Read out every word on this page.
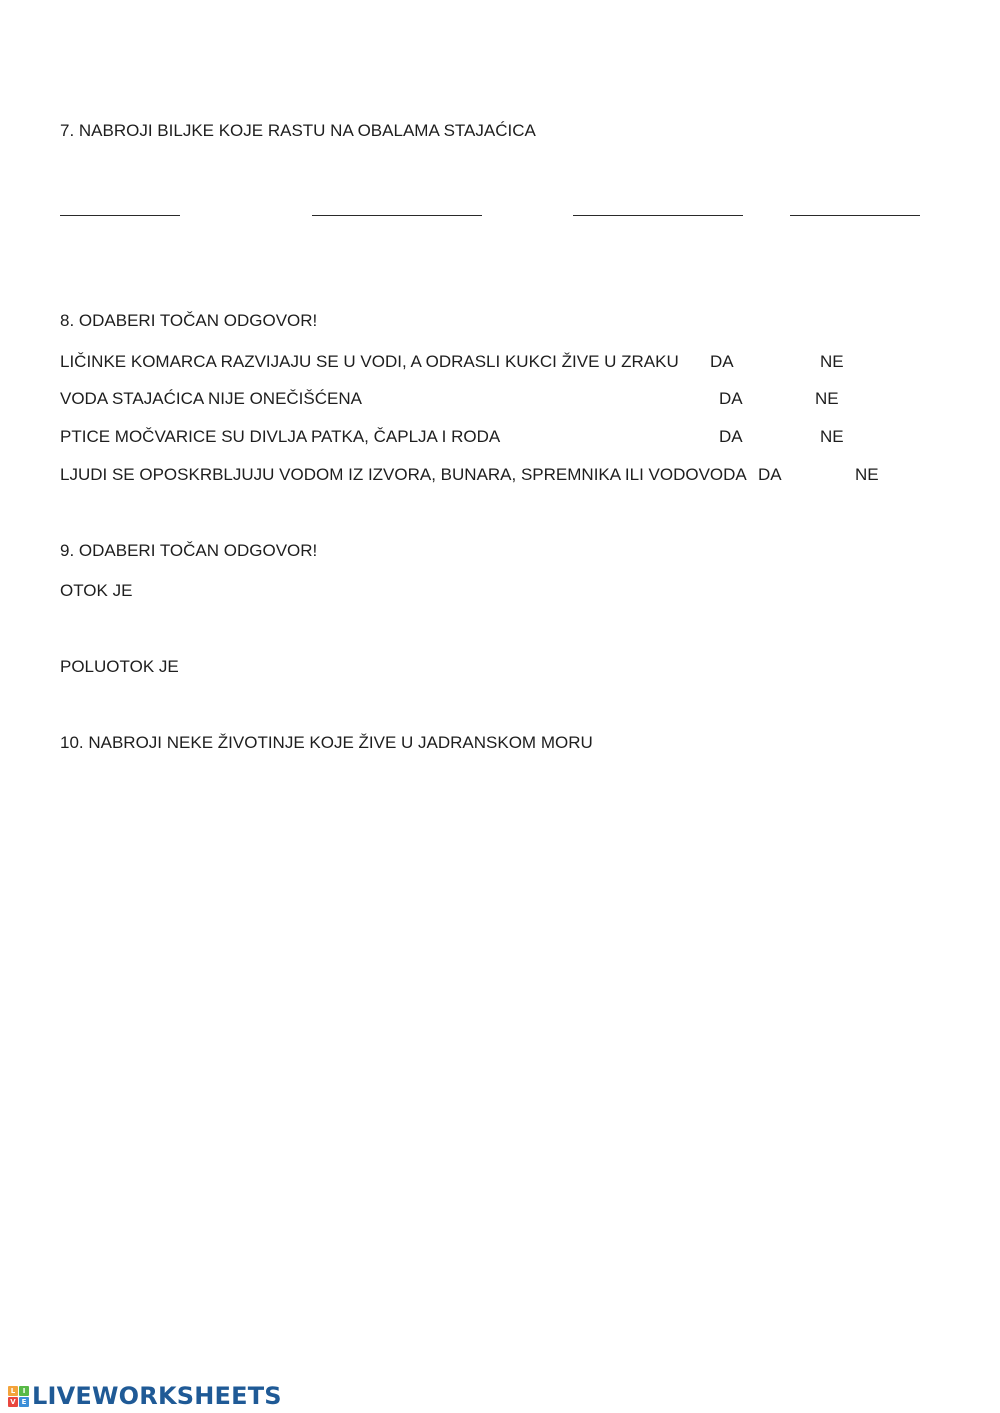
7. NABROJI BILJKE KOJE RASTU NA OBALAMA STAJAĆICA
8. ODABERI TOČAN ODGOVOR!
LIČINKE KOMARCA RAZVIJAJU SE U VODI, A ODRASLI KUKCI ŽIVE U ZRAKU DA	NE
VODA STAJAĆICA NIJE ONEČIŠĆENA	DA	NE
PTICE MOČVARICE SU DIVLJA PATKA, ČAPLJA I RODA	DA	NE
LJUDI SE OPOSKRBLJUJU VODOM IZ IZVORA, BUNARA, SPREMNIKA ILI VODOVODA DA	NE
9. ODABERI TOČAN ODGOVOR!
OTOK JE
POLUOTOK JE
10. NABROJI NEKE ŽIVOTINJE KOJE ŽIVE U JADRANSKOM MORU
L	I
V E LIVEWORKSHEETS
